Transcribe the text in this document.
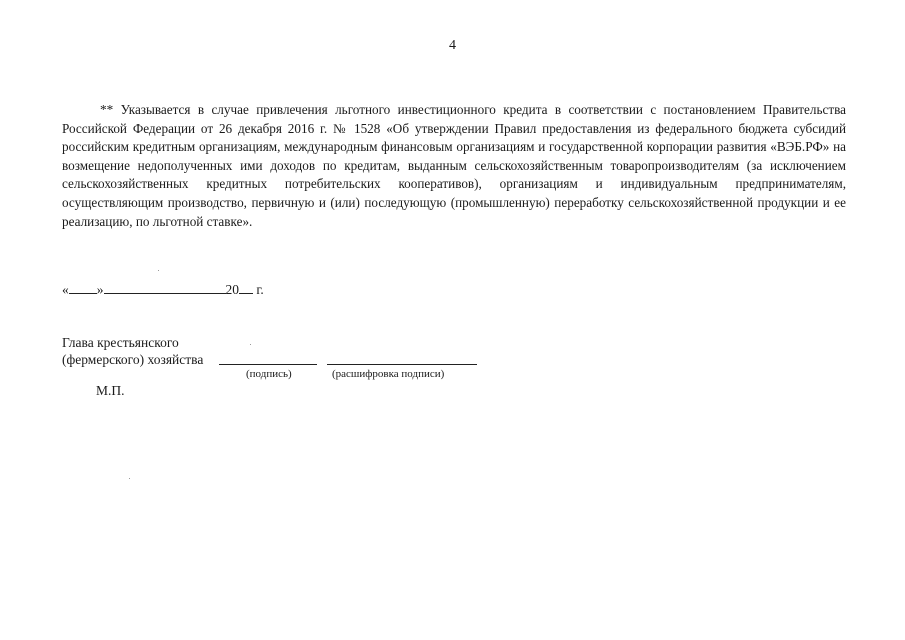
4

** Указывается в случае привлечения льготного инвестиционного кредита в соответствии с постановлением Правительства Российской Федерации от 26 декабря 2016 г. № 1528 «Об утверждении Правил предоставления из федерального бюджета субсидий российским кредитным организациям, международным финансовым организациям и государственной корпорации развития «ВЭБ.РФ» на возмещение недополученных ими доходов по кредитам, выданным сельскохозяйственным товаропроизводителям (за исключением сельскохозяйственных кредитных потребительских кооперативов), организациям и индивидуальным предпринимателям, осуществляющим производство, первичную и (или) последующую (промышленную) переработку сельскохозяйственной продукции и ее реализацию, по льготной ставке».

« »	20 г.
Глава крестьянского
(фермерского) хозяйства
(подпись)	(расшифровка подписи)
М.П.
